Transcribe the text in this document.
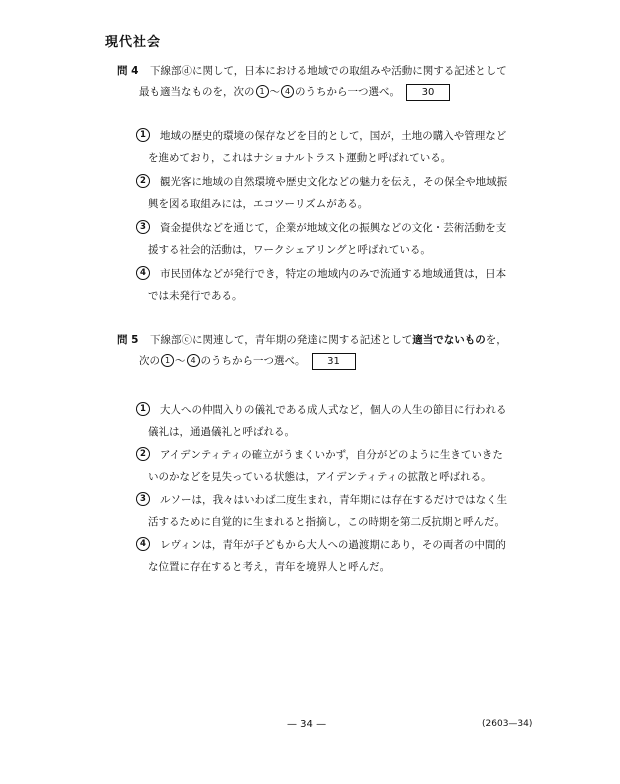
現代社会
問 4 下線部ⓓに関して，日本における地域での取組みや活動に関する記述として
最も適当なものを，次の 1 ～ 4 のうちから一つ選べ。 30
1	地域の歴史的環境の保存などを目的として，国が，土地の購入や管理など
を進めており，これはナショナルトラスト運動と呼ばれている。
2	観光客に地域の自然環境や歴史文化などの魅力を伝え，その保全や地域振
興を図る取組みには，エコツーリズムがある。
3	資金提供などを通じて，企業が地域文化の振興などの文化・芸術活動を支
援する社会的活動は，ワークシェアリングと呼ばれている。
4	市民団体などが発行でき，特定の地域内のみで流通する地域通貨は，日本
では未発行である。
問 5 下線部ⓒに関連して，青年期の発達に関する記述として適当でないものを，
次の 1 ～ 4 のうちから一つ選べ。 31
1	大人への仲間入りの儀礼である成人式など，個人の人生の節目に行われる
儀礼は，通過儀礼と呼ばれる。
2	アイデンティティの確立がうまくいかず，自分がどのように生きていきた
いのかなどを見失っている状態は，アイデンティティの拡散と呼ばれる。
3	ルソーは，我々はいわば二度生まれ，青年期には存在するだけではなく生
活するために自覚的に生まれると指摘し，この時期を第二反抗期と呼んだ。
4	レヴィンは，青年が子どもから大人への過渡期にあり，その両者の中間的
な位置に存在すると考え，青年を境界人と呼んだ。
— 34 —	(2603—34)
